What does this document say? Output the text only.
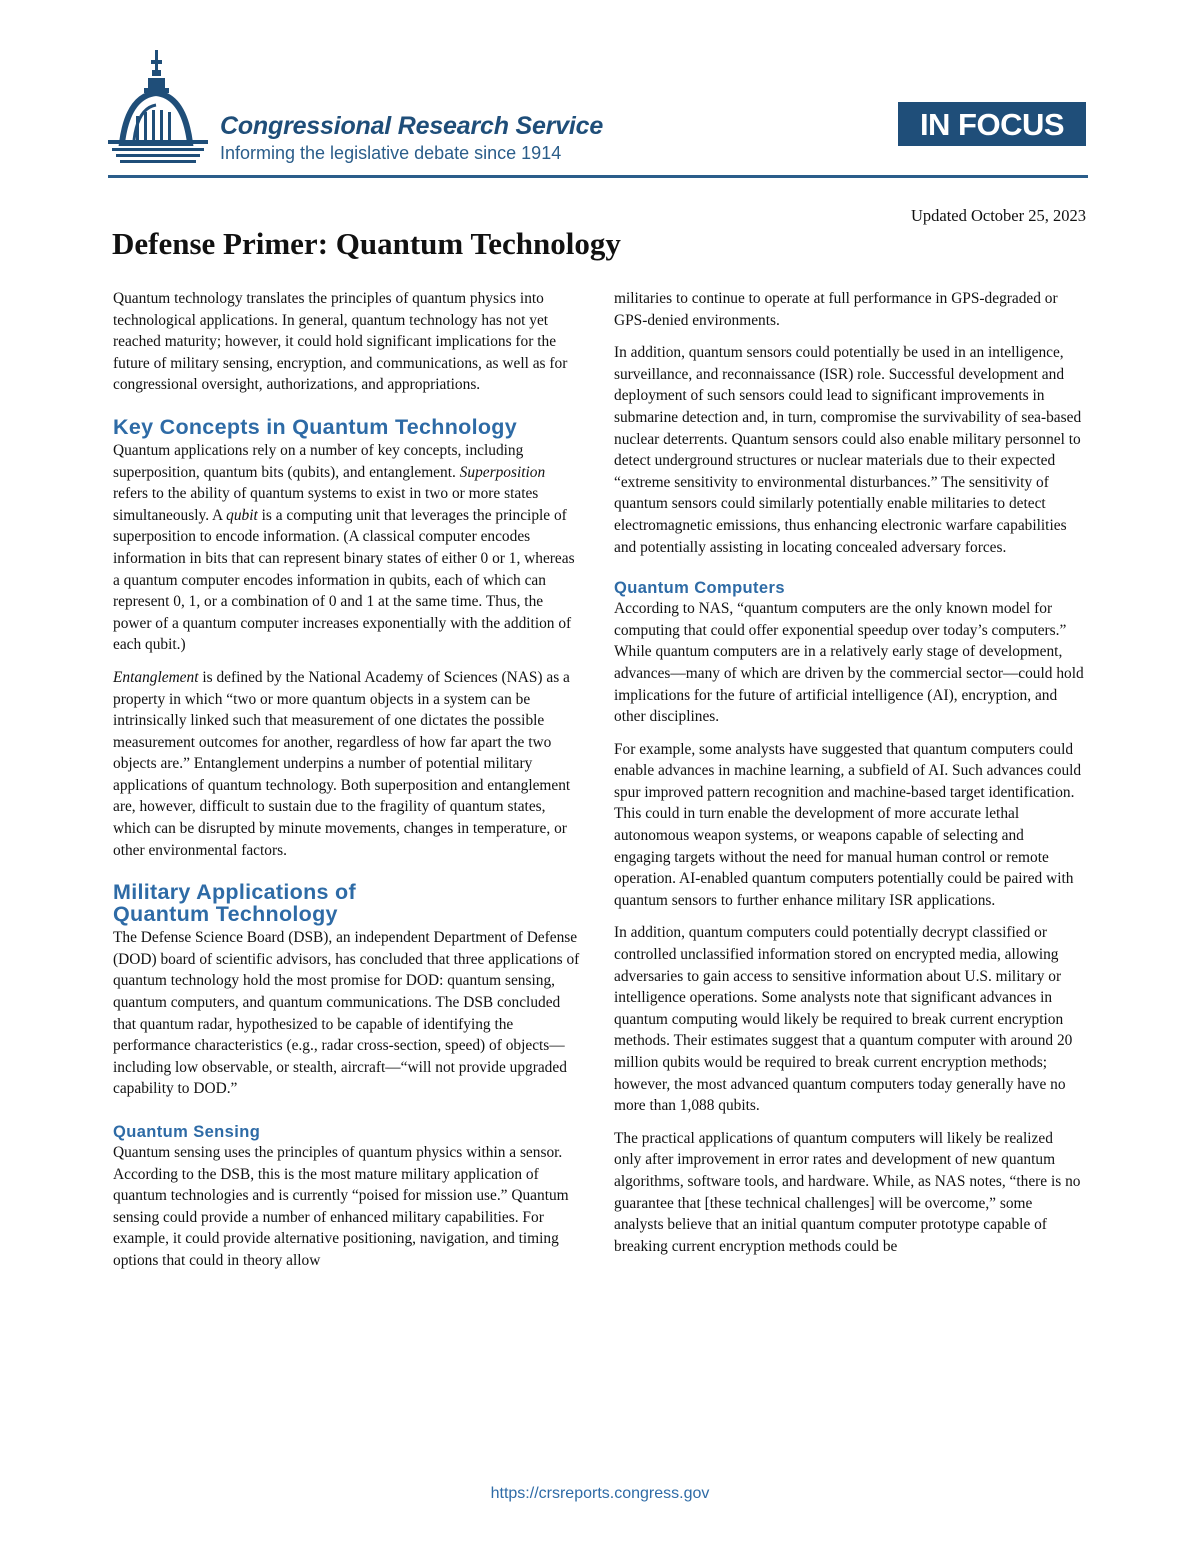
Congressional Research Service
Informing the legislative debate since 1914
IN FOCUS
Updated October 25, 2023
Defense Primer: Quantum Technology

Quantum technology translates the principles of quantum physics into technological applications. In general, quantum technology has not yet reached maturity; however, it could hold significant implications for the future of military sensing, encryption, and communications, as well as for congressional oversight, authorizations, and appropriations.

Key Concepts in Quantum Technology

Quantum applications rely on a number of key concepts, including superposition, quantum bits (qubits), and entanglement. Superposition refers to the ability of quantum systems to exist in two or more states simultaneously. A qubit is a computing unit that leverages the principle of superposition to encode information. (A classical computer encodes information in bits that can represent binary states of either 0 or 1, whereas a quantum computer encodes information in qubits, each of which can represent 0, 1, or a combination of 0 and 1 at the same time. Thus, the power of a quantum computer increases exponentially with the addition of each qubit.)

Entanglement is defined by the National Academy of Sciences (NAS) as a property in which “two or more quantum objects in a system can be intrinsically linked such that measurement of one dictates the possible measurement outcomes for another, regardless of how far apart the two objects are.” Entanglement underpins a number of potential military applications of quantum technology. Both superposition and entanglement are, however, difficult to sustain due to the fragility of quantum states, which can be disrupted by minute movements, changes in temperature, or other environmental factors.

Military Applications of
Quantum Technology

The Defense Science Board (DSB), an independent Department of Defense (DOD) board of scientific advisors, has concluded that three applications of quantum technology hold the most promise for DOD: quantum sensing, quantum computers, and quantum communications. The DSB concluded that quantum radar, hypothesized to be capable of identifying the performance characteristics (e.g., radar cross-section, speed) of objects—including low observable, or stealth, aircraft—“will not provide upgraded capability to DOD.”

Quantum Sensing

Quantum sensing uses the principles of quantum physics within a sensor. According to the DSB, this is the most mature military application of quantum technologies and is currently “poised for mission use.” Quantum sensing could provide a number of enhanced military capabilities. For example, it could provide alternative positioning, navigation, and timing options that could in theory allow

militaries to continue to operate at full performance in GPS-degraded or GPS-denied environments.

In addition, quantum sensors could potentially be used in an intelligence, surveillance, and reconnaissance (ISR) role. Successful development and deployment of such sensors could lead to significant improvements in submarine detection and, in turn, compromise the survivability of sea-based nuclear deterrents. Quantum sensors could also enable military personnel to detect underground structures or nuclear materials due to their expected “extreme sensitivity to environmental disturbances.” The sensitivity of quantum sensors could similarly potentially enable militaries to detect electromagnetic emissions, thus enhancing electronic warfare capabilities and potentially assisting in locating concealed adversary forces.

Quantum Computers

According to NAS, “quantum computers are the only known model for computing that could offer exponential speedup over today’s computers.” While quantum computers are in a relatively early stage of development, advances—many of which are driven by the commercial sector—could hold implications for the future of artificial intelligence (AI), encryption, and other disciplines.

For example, some analysts have suggested that quantum computers could enable advances in machine learning, a subfield of AI. Such advances could spur improved pattern recognition and machine-based target identification. This could in turn enable the development of more accurate lethal autonomous weapon systems, or weapons capable of selecting and engaging targets without the need for manual human control or remote operation. AI-enabled quantum computers potentially could be paired with quantum sensors to further enhance military ISR applications.

In addition, quantum computers could potentially decrypt classified or controlled unclassified information stored on encrypted media, allowing adversaries to gain access to sensitive information about U.S. military or intelligence operations. Some analysts note that significant advances in quantum computing would likely be required to break current encryption methods. Their estimates suggest that a quantum computer with around 20 million qubits would be required to break current encryption methods; however, the most advanced quantum computers today generally have no more than 1,088 qubits.

The practical applications of quantum computers will likely be realized only after improvement in error rates and development of new quantum algorithms, software tools, and hardware. While, as NAS notes, “there is no guarantee that [these technical challenges] will be overcome,” some analysts believe that an initial quantum computer prototype capable of breaking current encryption methods could be

https://crsreports.congress.gov
